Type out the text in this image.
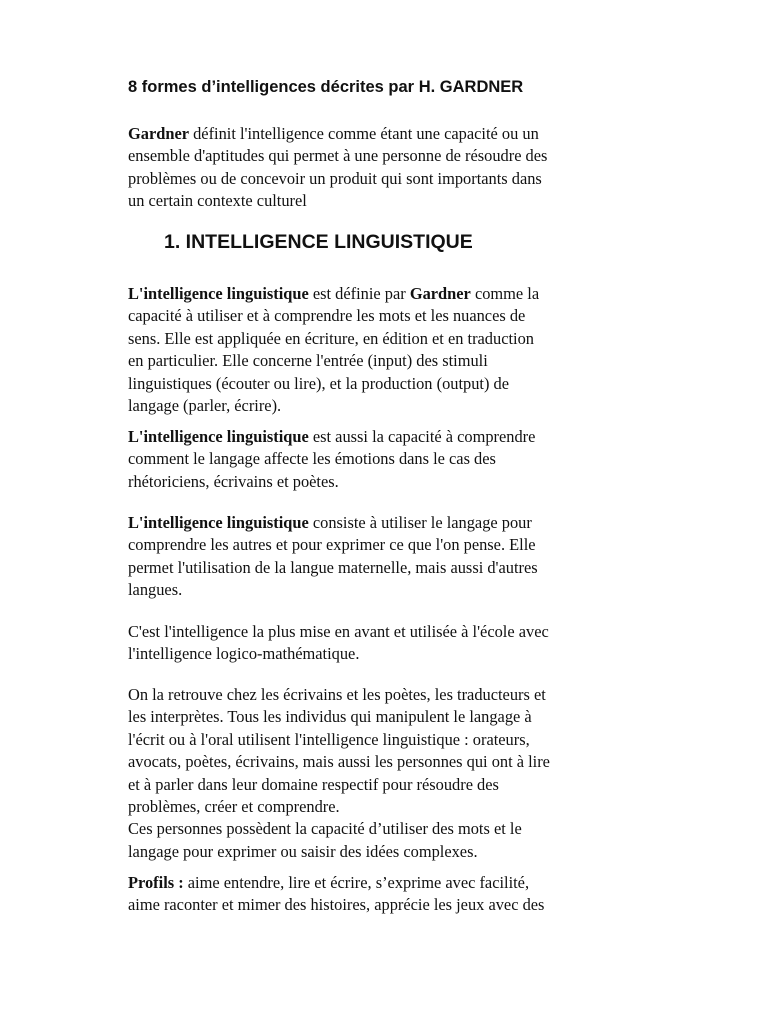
8 formes d’intelligences décrites par H. GARDNER

Gardner définit l'intelligence comme étant une capacité ou un
ensemble d'aptitudes qui permet à une personne de résoudre des
problèmes ou de concevoir un produit qui sont importants dans
un certain contexte culturel

1. INTELLIGENCE LINGUISTIQUE

L'intelligence linguistique est définie par Gardner comme la
capacité à utiliser et à comprendre les mots et les nuances de
sens. Elle est appliquée en écriture, en édition et en traduction
en particulier. Elle concerne l'entrée (input) des stimuli
linguistiques (écouter ou lire), et la production (output) de
langage (parler, écrire).

L'intelligence linguistique est aussi la capacité à comprendre
comment le langage affecte les émotions dans le cas des
rhétoriciens, écrivains et poètes.

L'intelligence linguistique consiste à utiliser le langage pour
comprendre les autres et pour exprimer ce que l'on pense. Elle
permet l'utilisation de la langue maternelle, mais aussi d'autres
langues.

C'est l'intelligence la plus mise en avant et utilisée à l'école avec
l'intelligence logico-mathématique.

On la retrouve chez les écrivains et les poètes, les traducteurs et
les interprètes. Tous les individus qui manipulent le langage à
l'écrit ou à l'oral utilisent l'intelligence linguistique : orateurs,
avocats, poètes, écrivains, mais aussi les personnes qui ont à lire
et à parler dans leur domaine respectif pour résoudre des
problèmes, créer et comprendre.
Ces personnes possèdent la capacité d’utiliser des mots et le
langage pour exprimer ou saisir des idées complexes.

Profils : aime entendre, lire et écrire, s’exprime avec facilité,
aime raconter et mimer des histoires, apprécie les jeux avec des
